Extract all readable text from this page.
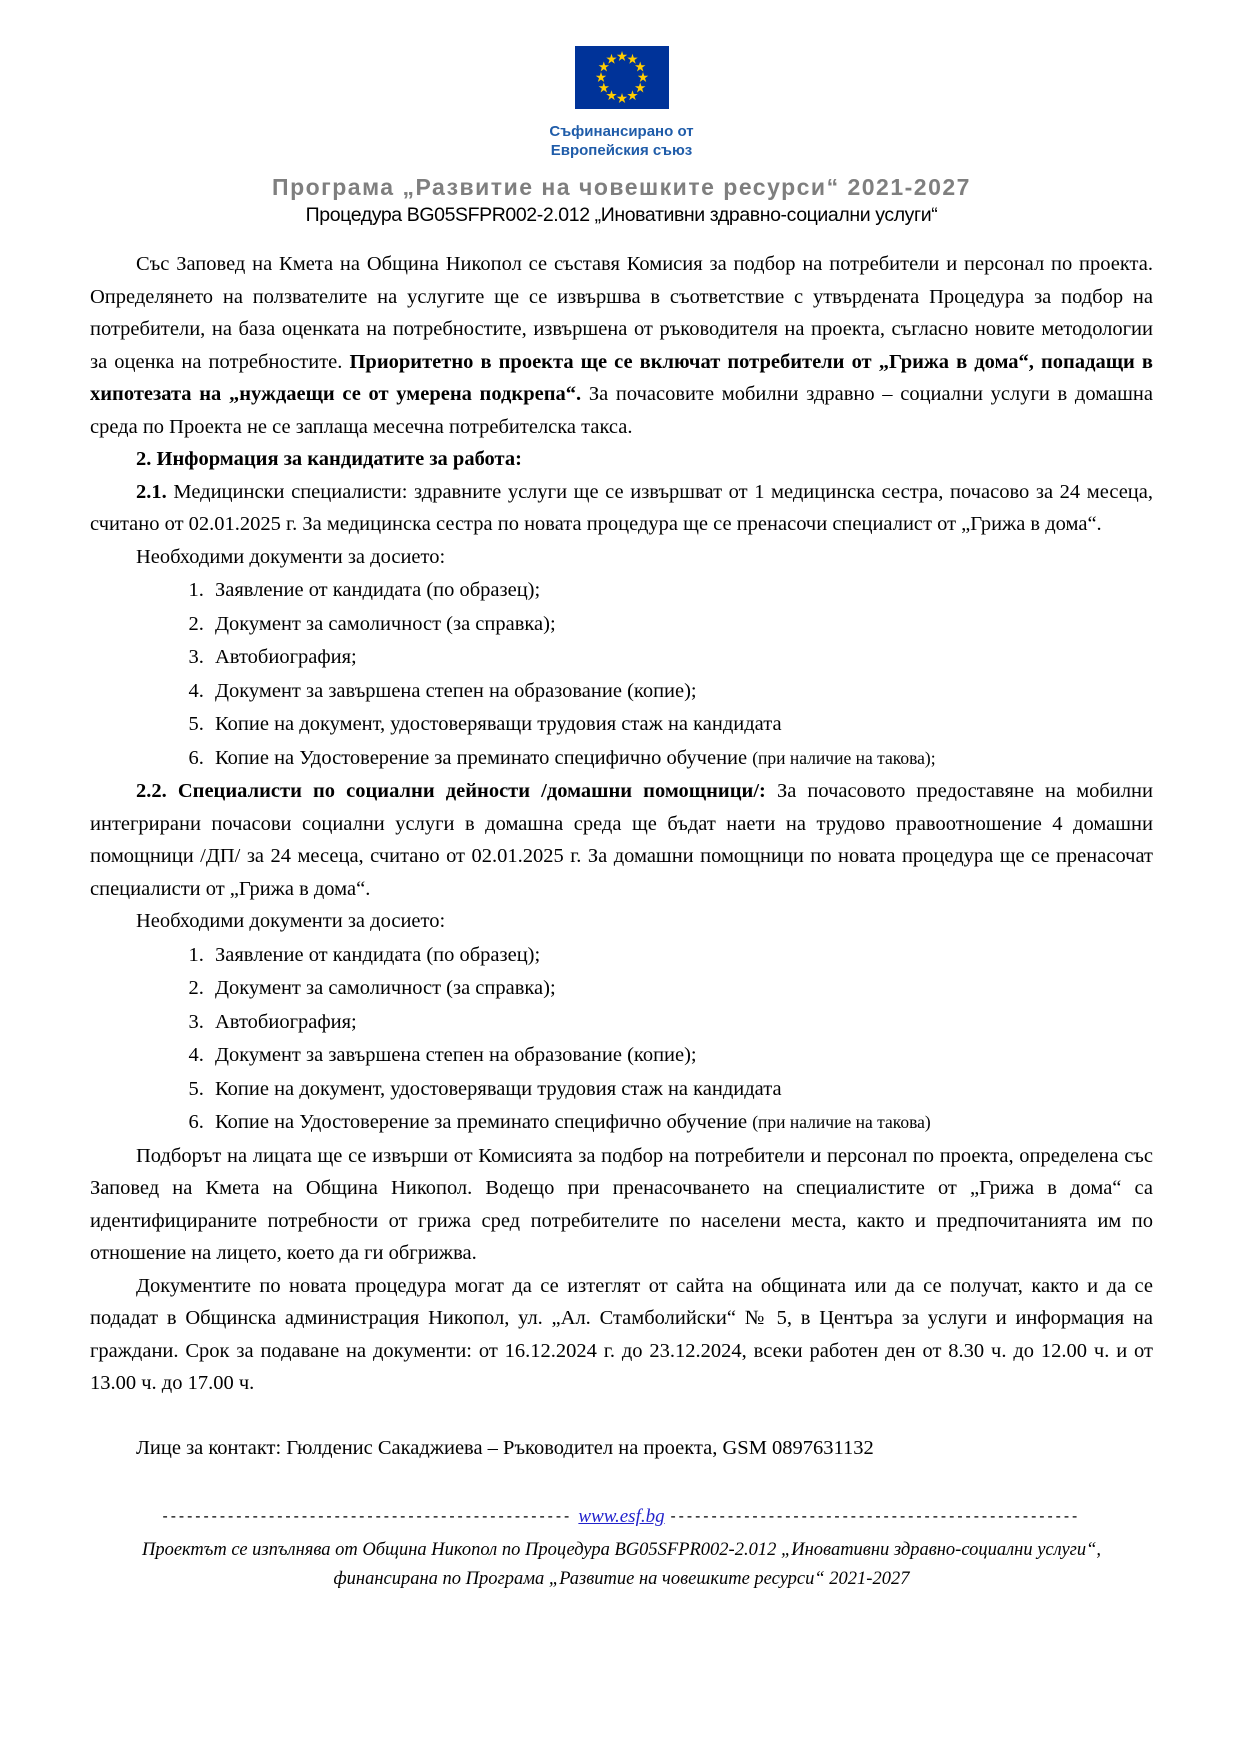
Съфинансирано от
Европейския съюз
Програма „Развитие на човешките ресурси“ 2021-2027
Процедура BG05SFPR002-2.012 „Иновативни здравно-социални услуги“

Със Заповед на Кмета на Община Никопол се съставя Комисия за подбор на потребители и персонал по проекта. Определянето на ползвателите на услугите ще се извършва в съответствие с утвърдената Процедура за подбор на потребители, на база оценката на потребностите, извършена от ръководителя на проекта, съгласно новите методологии за оценка на потребностите. Приоритетно в проекта ще се включат потребители от „Грижа в дома“, попадащи в хипотезата на „нуждаещи се от умерена подкрепа“. За почасовите мобилни здравно – социални услуги в домашна среда по Проекта не се заплаща месечна потребителска такса.

2. Информация за кандидатите за работа:

2.1. Медицински специалисти: здравните услуги ще се извършват от 1 медицинска сестра, почасово за 24 месеца, считано от 02.01.2025 г. За медицинска сестра по новата процедура ще се пренасочи специалист от „Грижа в дома“.

Необходими документи за досието:

1. Заявление от кандидата (по образец);
2. Документ за самоличност (за справка);
3. Автобиография;
4. Документ за завършена степен на образование (копие);
5. Копие на документ, удостоверяващи трудовия стаж на кандидата
6. Копие на Удостоверение за преминато специфично обучение (при наличие на такова);

2.2. Специалисти по социални дейности /домашни помощници/: За почасовото предоставяне на мобилни интегрирани почасови социални услуги в домашна среда ще бъдат наети на трудово правоотношение 4 домашни помощници /ДП/ за 24 месеца, считано от 02.01.2025 г. За домашни помощници по новата процедура ще се пренасочат специалисти от „Грижа в дома“.

Необходими документи за досието:

1. Заявление от кандидата (по образец);
2. Документ за самоличност (за справка);
3. Автобиография;
4. Документ за завършена степен на образование (копие);
5. Копие на документ, удостоверяващи трудовия стаж на кандидата
6. Копие на Удостоверение за преминато специфично обучение (при наличие на такова)

Подборът на лицата ще се извърши от Комисията за подбор на потребители и персонал по проекта, определена със Заповед на Кмета на Община Никопол. Водещо при пренасочването на специалистите от „Грижа в дома“ са идентифицираните потребности от грижа сред потребителите по населени места, както и предпочитанията им по отношение на лицето, което да ги обгрижва.

Документите по новата процедура могат да се изтеглят от сайта на общината или да се получат, както и да се подадат в Общинска администрация Никопол, ул. „Ал. Стамболийски“ № 5, в Центъра за услуги и информация на граждани. Срок за подаване на документи: от 16.12.2024 г. до 23.12.2024, всеки работен ден от 8.30 ч. до 12.00 ч. и от 13.00 ч. до 17.00 ч.

Лице за контакт: Гюлденис Сакаджиева – Ръководител на проекта, GSM 0897631132

-------------------------------------------------- www.esf.bg --------------------------------------------------

Проектът се изпълнява от Община Никопол по Процедура BG05SFPR002-2.012 „Иновативни здравно-социални услуги“,
финансирана по Програма „Развитие на човешките ресурси“ 2021-2027
